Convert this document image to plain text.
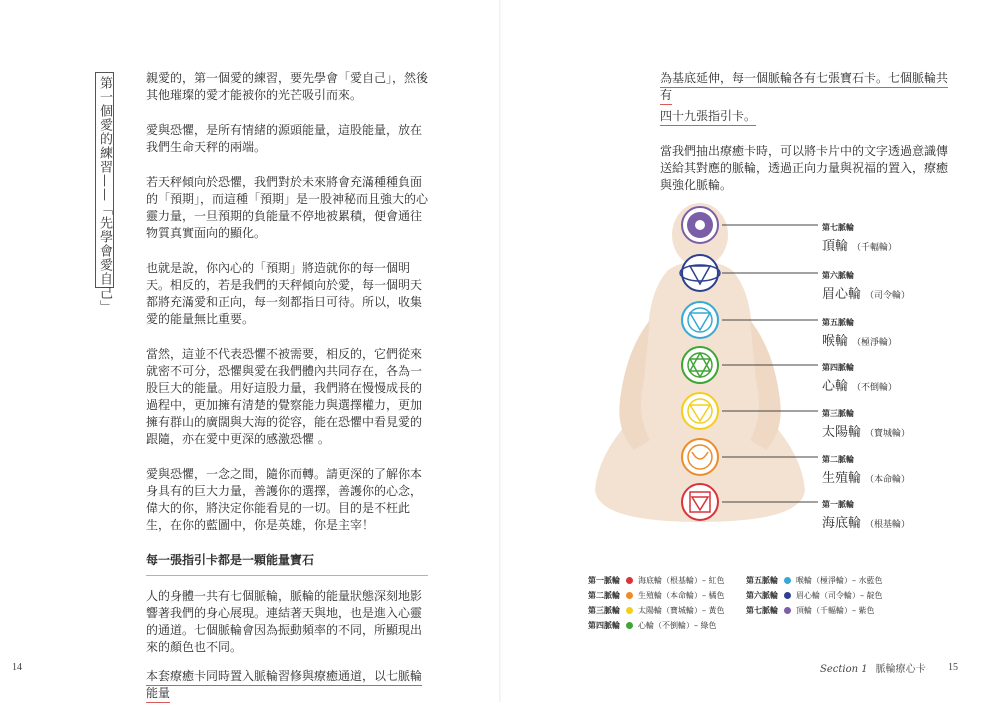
第一個愛的練習——「先學會愛自己」	親愛的，第一個愛的練習，要先學會「愛自己」，然後其他璀璨的愛才能被你的光芒吸引而來。

愛與恐懼，是所有情緒的源頭能量，這股能量，放在我們生命天秤的兩端。

若天秤傾向於恐懼，我們對於未來將會充滿種種負面的「預期」，而這種「預期」是一股神秘而且強大的心靈力量，一旦預期的負能量不停地被累積，便會通往物質真實面向的顯化。

也就是說，你內心的「預期」將造就你的每一個明天。相反的，若是我們的天秤傾向於愛，每一個明天都將充滿愛和正向，每一刻都指日可待。所以，收集愛的能量無比重要。

當然，這並不代表恐懼不被需要，相反的，它們從來就密不可分，恐懼與愛在我們體內共同存在，各為一股巨大的能量。用好這股力量，我們將在慢慢成長的過程中，更加擁有清楚的覺察能力與選擇權力，更加擁有群山的廣闊與大海的從容，能在恐懼中看見愛的跟隨，亦在愛中更深的感激恐懼 。

愛與恐懼，一念之間，隨你而轉。請更深的了解你本身具有的巨大力量，善護你的選擇，善護你的心念，偉大的你，將決定你能看見的一切。目的是不枉此生，在你的藍圖中，你是英雄，你是主宰！

每一張指引卡都是一顆能量寶石

人的身體一共有七個脈輪，脈輪的能量狀態深刻地影響著我們的身心展現。連結著天與地，也是進入心靈的通道。七個脈輪會因為振動頻率的不同，所顯現出來的顏色也不同。

本套療癒卡同時置入脈輪習修與療癒通道，以七脈輪能量

14

為基底延伸，每一個脈輪各有七張寶石卡。七個脈輪共有

四十九張指引卡。

當我們抽出療癒卡時，可以將卡片中的文字透過意識傳送給其對應的脈輪，透過正向力量與祝福的置入，療癒與強化脈輪。

第七脈輪
頂輪 （千輻輪）
第六脈輪
眉心輪 （司令輪）
第五脈輪
喉輪 （極淨輪）
第四脈輪
心輪 （不倒輪）
第三脈輪
太陽輪 （寶城輪）
第二脈輪
生殖輪 （本命輪）
第一脈輪
海底輪 （根基輪）
第一脈輪	海底輪（根基輪）– 紅色
第二脈輪	生殖輪（本命輪）– 橘色
第三脈輪	太陽輪（寶城輪）– 黃色
第四脈輪	心輪（不倒輪）– 綠色
第五脈輪	喉輪（極淨輪）– 水藍色
第六脈輪	眉心輪（司令輪）– 靛色
第七脈輪	頂輪（千輻輪）– 紫色
Section 1 脈輪療心卡 15
